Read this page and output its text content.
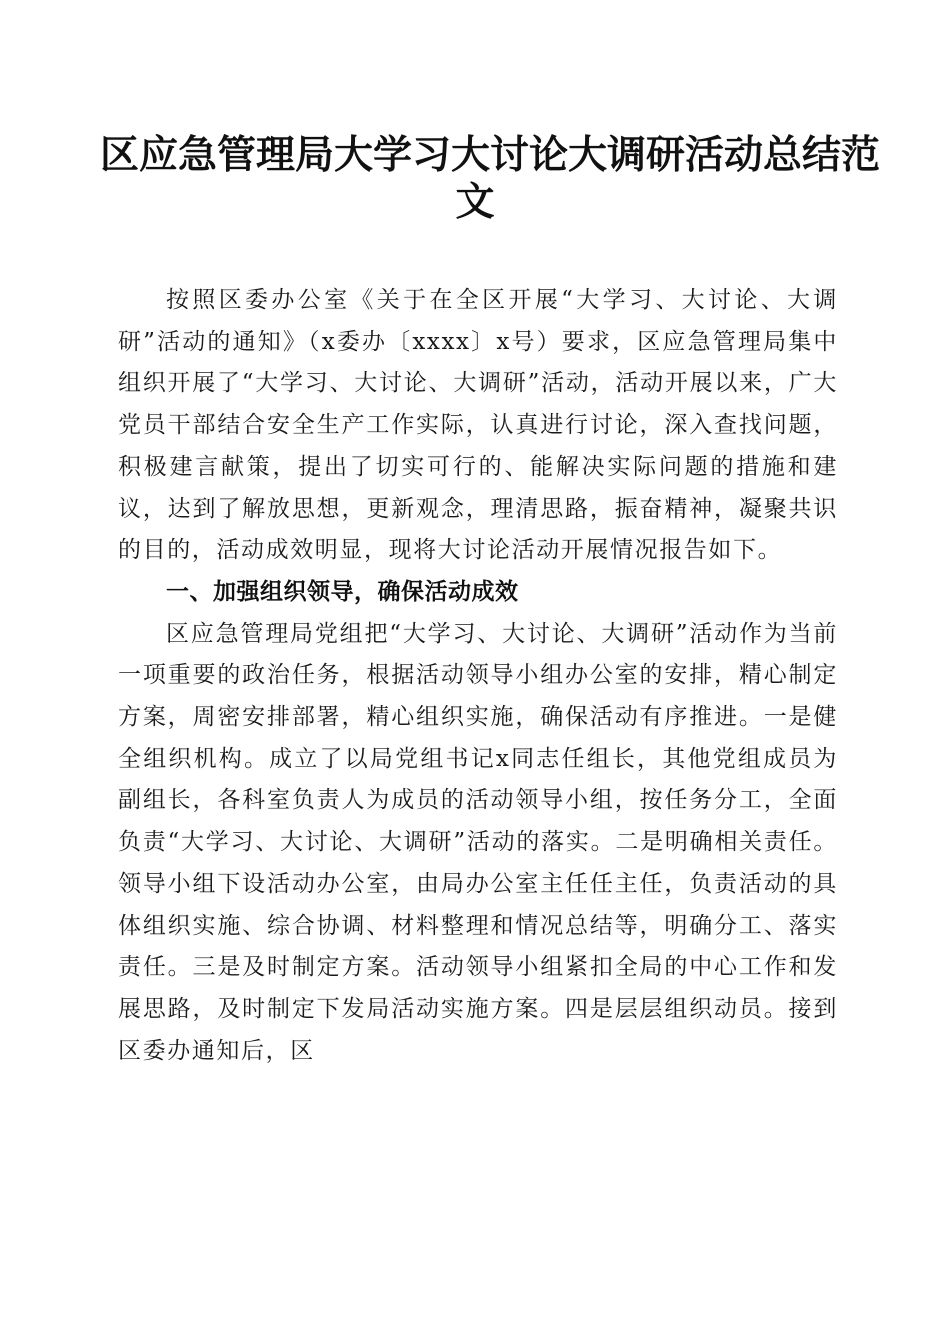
区应急管理局大学习大讨论大调研活动总结范
文

按照区委办公室《关于在全区开展“大学习、大讨论、大调研”活动的通知》（x委办〔xxxx〕x号）要求，区应急管理局集中组织开展了“大学习、大讨论、大调研”活动，活动开展以来，广大党员干部结合安全生产工作实际，认真进行讨论，深入查找问题，积极建言献策，提出了切实可行的、能解决实际问题的措施和建议，达到了解放思想，更新观念，理清思路，振奋精神，凝聚共识的目的，活动成效明显，现将大讨论活动开展情况报告如下。

一、加强组织领导，确保活动成效

区应急管理局党组把“大学习、大讨论、大调研”活动作为当前一项重要的政治任务，根据活动领导小组办公室的安排，精心制定方案，周密安排部署，精心组织实施，确保活动有序推进。一是健全组织机构。成立了以局党组书记x同志任组长，其他党组成员为副组长，各科室负责人为成员的活动领导小组，按任务分工，全面负责“大学习、大讨论、大调研”活动的落实。二是明确相关责任。领导小组下设活动办公室，由局办公室主任任主任，负责活动的具体组织实施、综合协调、材料整理和情况总结等，明确分工、落实责任。三是及时制定方案。活动领导小组紧扣全局的中心工作和发展思路，及时制定下发局活动实施方案。四是层层组织动员。接到区委办通知后，区
